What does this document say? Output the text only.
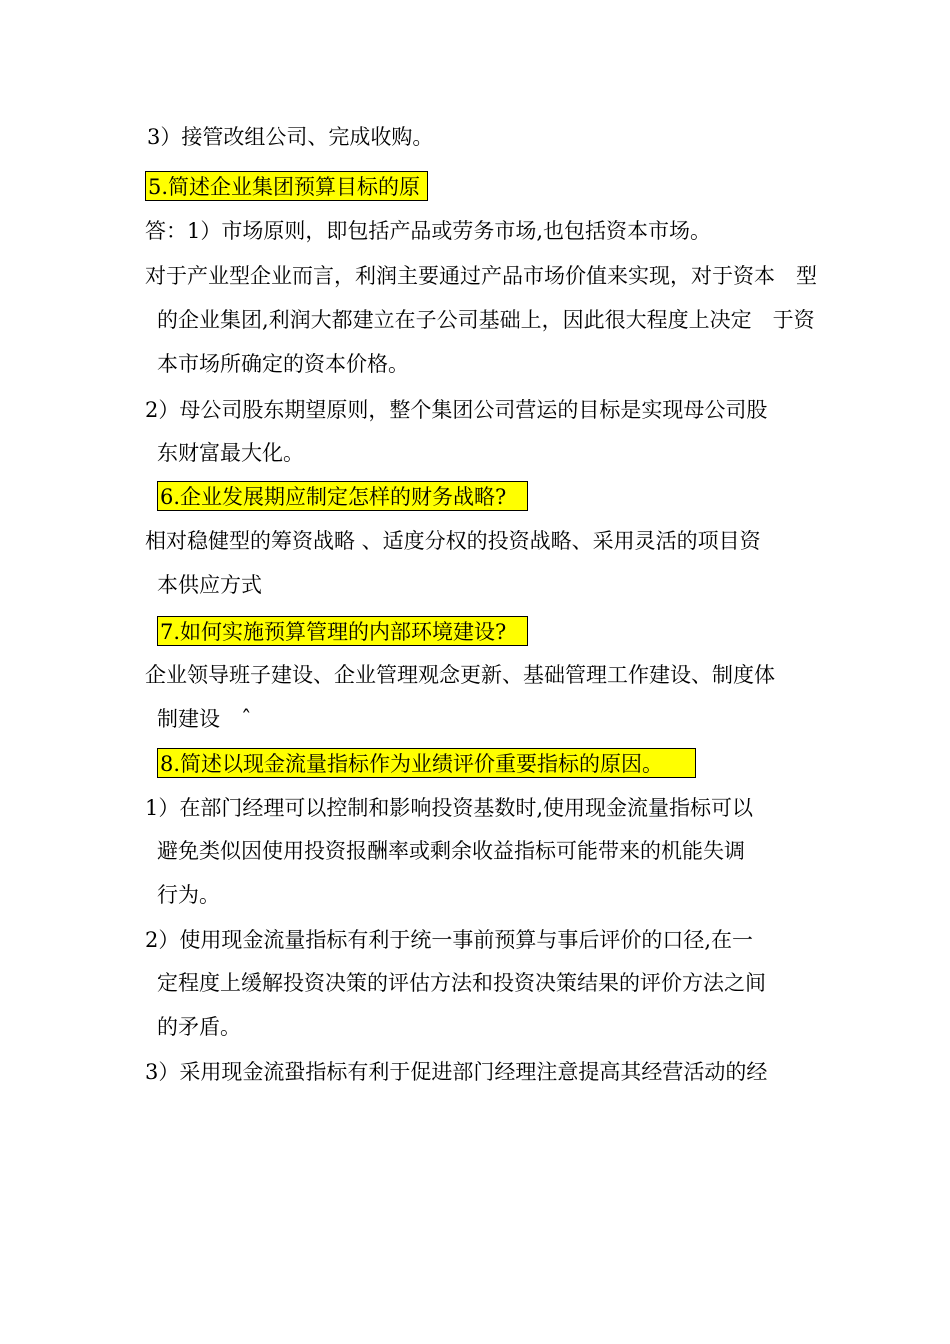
3）接管改组公司、完成收购。

5.简述企业集团预算目标的原

答：1）市场原则，即包括产品或劳务市场,也包括资本市场。

对于产业型企业而言，利润主要通过产品市场价值来实现，对于资本　型

的企业集团,利润大都建立在子公司基础上，因此很大程度上决定　于资

本市场所确定的资本价格。

2）母公司股东期望原则，整个集团公司营运的目标是实现母公司股

东财富最大化。

6.企业发展期应制定怎样的财务战略?

相对稳健型的筹资战略 、适度分权的投资战略、采用灵活的项目资

本供应方式

7.如何实施预算管理的内部环境建设?

企业领导班子建设、企业管理观念更新、基础管理工作建设、制度体

制建设　ˆ

8.简述以现金流量指标作为业绩评价重要指标的原因。

1）在部门经理可以控制和影响投资基数时,使用现金流量指标可以

避免类似因使用投资报酬率或剩余收益指标可能带来的机能失调

行为。

2）使用现金流量指标有利于统一事前预算与事后评价的口径,在一

定程度上缓解投资决策的评估方法和投资决策结果的评价方法之间

的矛盾。

3）采用现金流蛩指标有利于促进部门经理注意提高其经营活动的经
